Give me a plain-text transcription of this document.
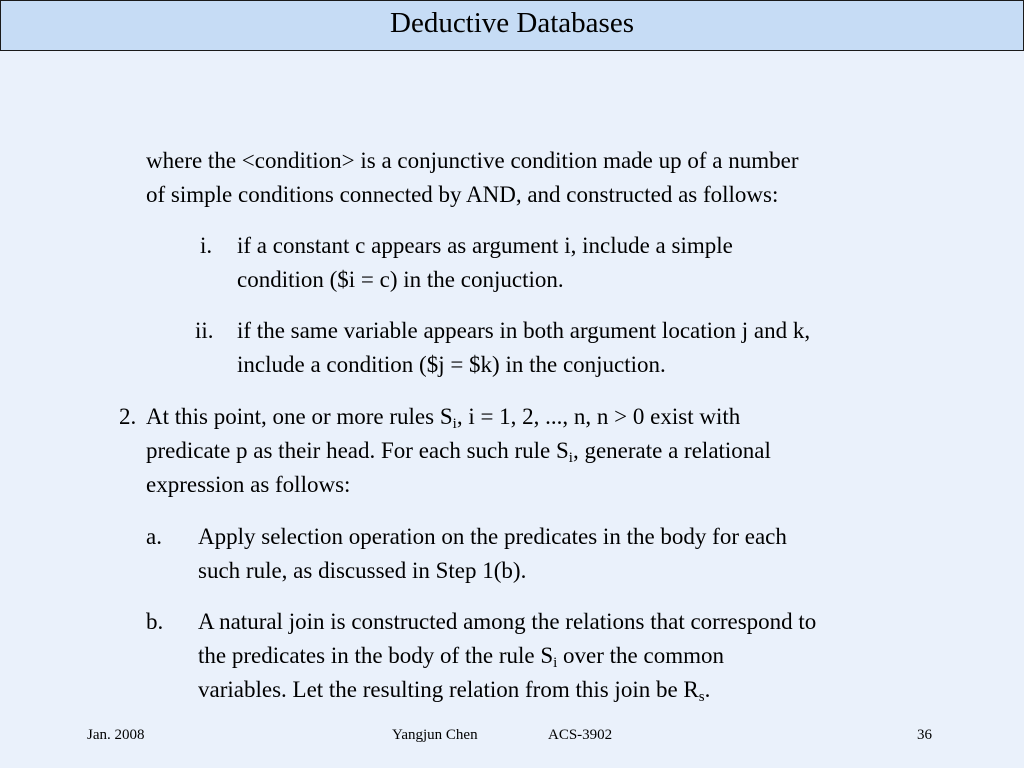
Deductive Databases
where the <condition> is a conjunctive condition made up of a number
of simple conditions connected by AND, and constructed as follows:
i. if a constant c appears as argument i, include a simple
condition ($i = c) in the conjuction.
ii. if the same variable appears in both argument location j and k,
include a condition ($j = $k) in the conjuction.
2. At this point, one or more rules $S_i$, i = 1, 2, ..., n, n > 0 exist with
predicate p as their head. For each such rule $S_i$, generate a relational
expression as follows:
a. Apply selection operation on the predicates in the body for each
such rule, as discussed in Step 1(b).
b. A natural join is constructed among the relations that correspond to
the predicates in the body of the rule $S_i$ over the common
variables. Let the resulting relation from this join be $R_s$.
Jan. 2008	Yangjun Chen	ACS-3902	36
